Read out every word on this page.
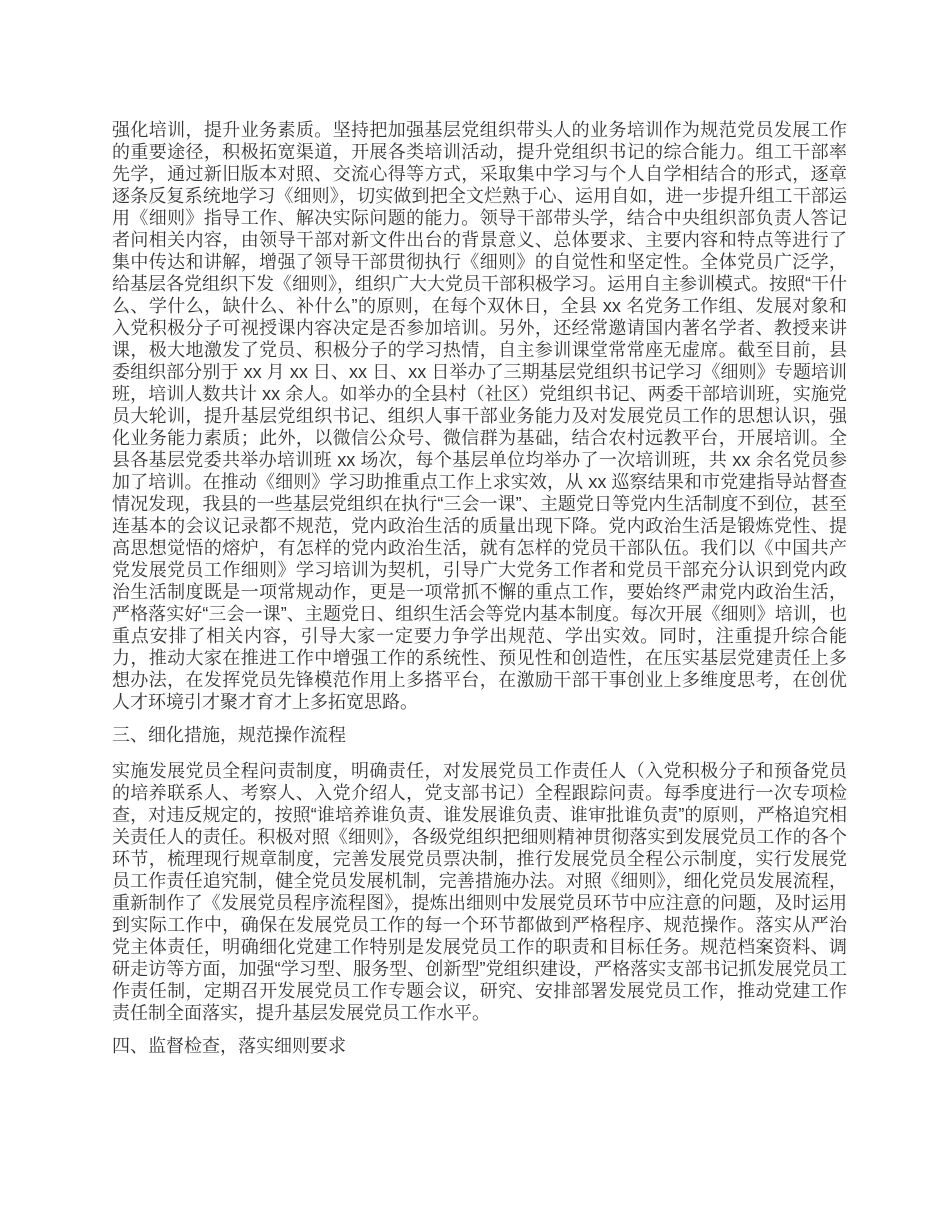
强化培训，提升业务素质。坚持把加强基层党组织带头人的业务培训作为规范党员发展工作的重要途径，积极拓宽渠道，开展各类培训活动，提升党组织书记的综合能力。组工干部率先学，通过新旧版本对照、交流心得等方式，采取集中学习与个人自学相结合的形式，逐章逐条反复系统地学习《细则》，切实做到把全文烂熟于心、运用自如，进一步提升组工干部运用《细则》指导工作、解决实际问题的能力。领导干部带头学，结合中央组织部负责人答记者问相关内容，由领导干部对新文件出台的背景意义、总体要求、主要内容和特点等进行了集中传达和讲解，增强了领导干部贯彻执行《细则》的自觉性和坚定性。全体党员广泛学，给基层各党组织下发《细则》，组织广大大党员干部积极学习。运用自主参训模式。按照“干什么、学什么，缺什么、补什么”的原则，在每个双休日，全县 xx 名党务工作组、发展对象和入党积极分子可视授课内容决定是否参加培训。另外，还经常邀请国内著名学者、教授来讲课，极大地激发了党员、积极分子的学习热情，自主参训课堂常常座无虚席。截至目前，县委组织部分别于 xx 月 xx 日、xx 日、xx 日举办了三期基层党组织书记学习《细则》专题培训班，培训人数共计 xx 余人。如举办的全县村（社区）党组织书记、两委干部培训班，实施党员大轮训，提升基层党组织书记、组织人事干部业务能力及对发展党员工作的思想认识，强化业务能力素质；此外，以微信公众号、微信群为基础，结合农村远教平台，开展培训。全县各基层党委共举办培训班 xx 场次，每个基层单位均举办了一次培训班，共 xx 余名党员参加了培训。在推动《细则》学习助推重点工作上求实效，从 xx 巡察结果和市党建指导站督查情况发现，我县的一些基层党组织在执行“三会一课”、主题党日等党内生活制度不到位，甚至连基本的会议记录都不规范，党内政治生活的质量出现下降。党内政治生活是锻炼党性、提高思想觉悟的熔炉，有怎样的党内政治生活，就有怎样的党员干部队伍。我们以《中国共产党发展党员工作细则》学习培训为契机，引导广大党务工作者和党员干部充分认识到党内政治生活制度既是一项常规动作，更是一项常抓不懈的重点工作，要始终严肃党内政治生活，严格落实好“三会一课”、主题党日、组织生活会等党内基本制度。每次开展《细则》培训，也重点安排了相关内容，引导大家一定要力争学出规范、学出实效。同时，注重提升综合能力，推动大家在推进工作中增强工作的系统性、预见性和创造性，在压实基层党建责任上多想办法，在发挥党员先锋模范作用上多搭平台，在激励干部干事创业上多维度思考，在创优人才环境引才聚才育才上多拓宽思路。

三、细化措施，规范操作流程

实施发展党员全程问责制度，明确责任，对发展党员工作责任人（入党积极分子和预备党员的培养联系人、考察人、入党介绍人，党支部书记）全程跟踪问责。每季度进行一次专项检查，对违反规定的，按照“谁培养谁负责、谁发展谁负责、谁审批谁负责”的原则，严格追究相关责任人的责任。积极对照《细则》，各级党组织把细则精神贯彻落实到发展党员工作的各个环节，梳理现行规章制度，完善发展党员票决制，推行发展党员全程公示制度，实行发展党员工作责任追究制，健全党员发展机制，完善措施办法。对照《细则》，细化党员发展流程，重新制作了《发展党员程序流程图》，提炼出细则中发展党员环节中应注意的问题，及时运用到实际工作中，确保在发展党员工作的每一个环节都做到严格程序、规范操作。落实从严治党主体责任，明确细化党建工作特别是发展党员工作的职责和目标任务。规范档案资料、调研走访等方面，加强“学习型、服务型、创新型”党组织建设，严格落实支部书记抓发展党员工作责任制，定期召开发展党员工作专题会议，研究、安排部署发展党员工作，推动党建工作责任制全面落实，提升基层发展党员工作水平。

四、监督检查，落实细则要求
